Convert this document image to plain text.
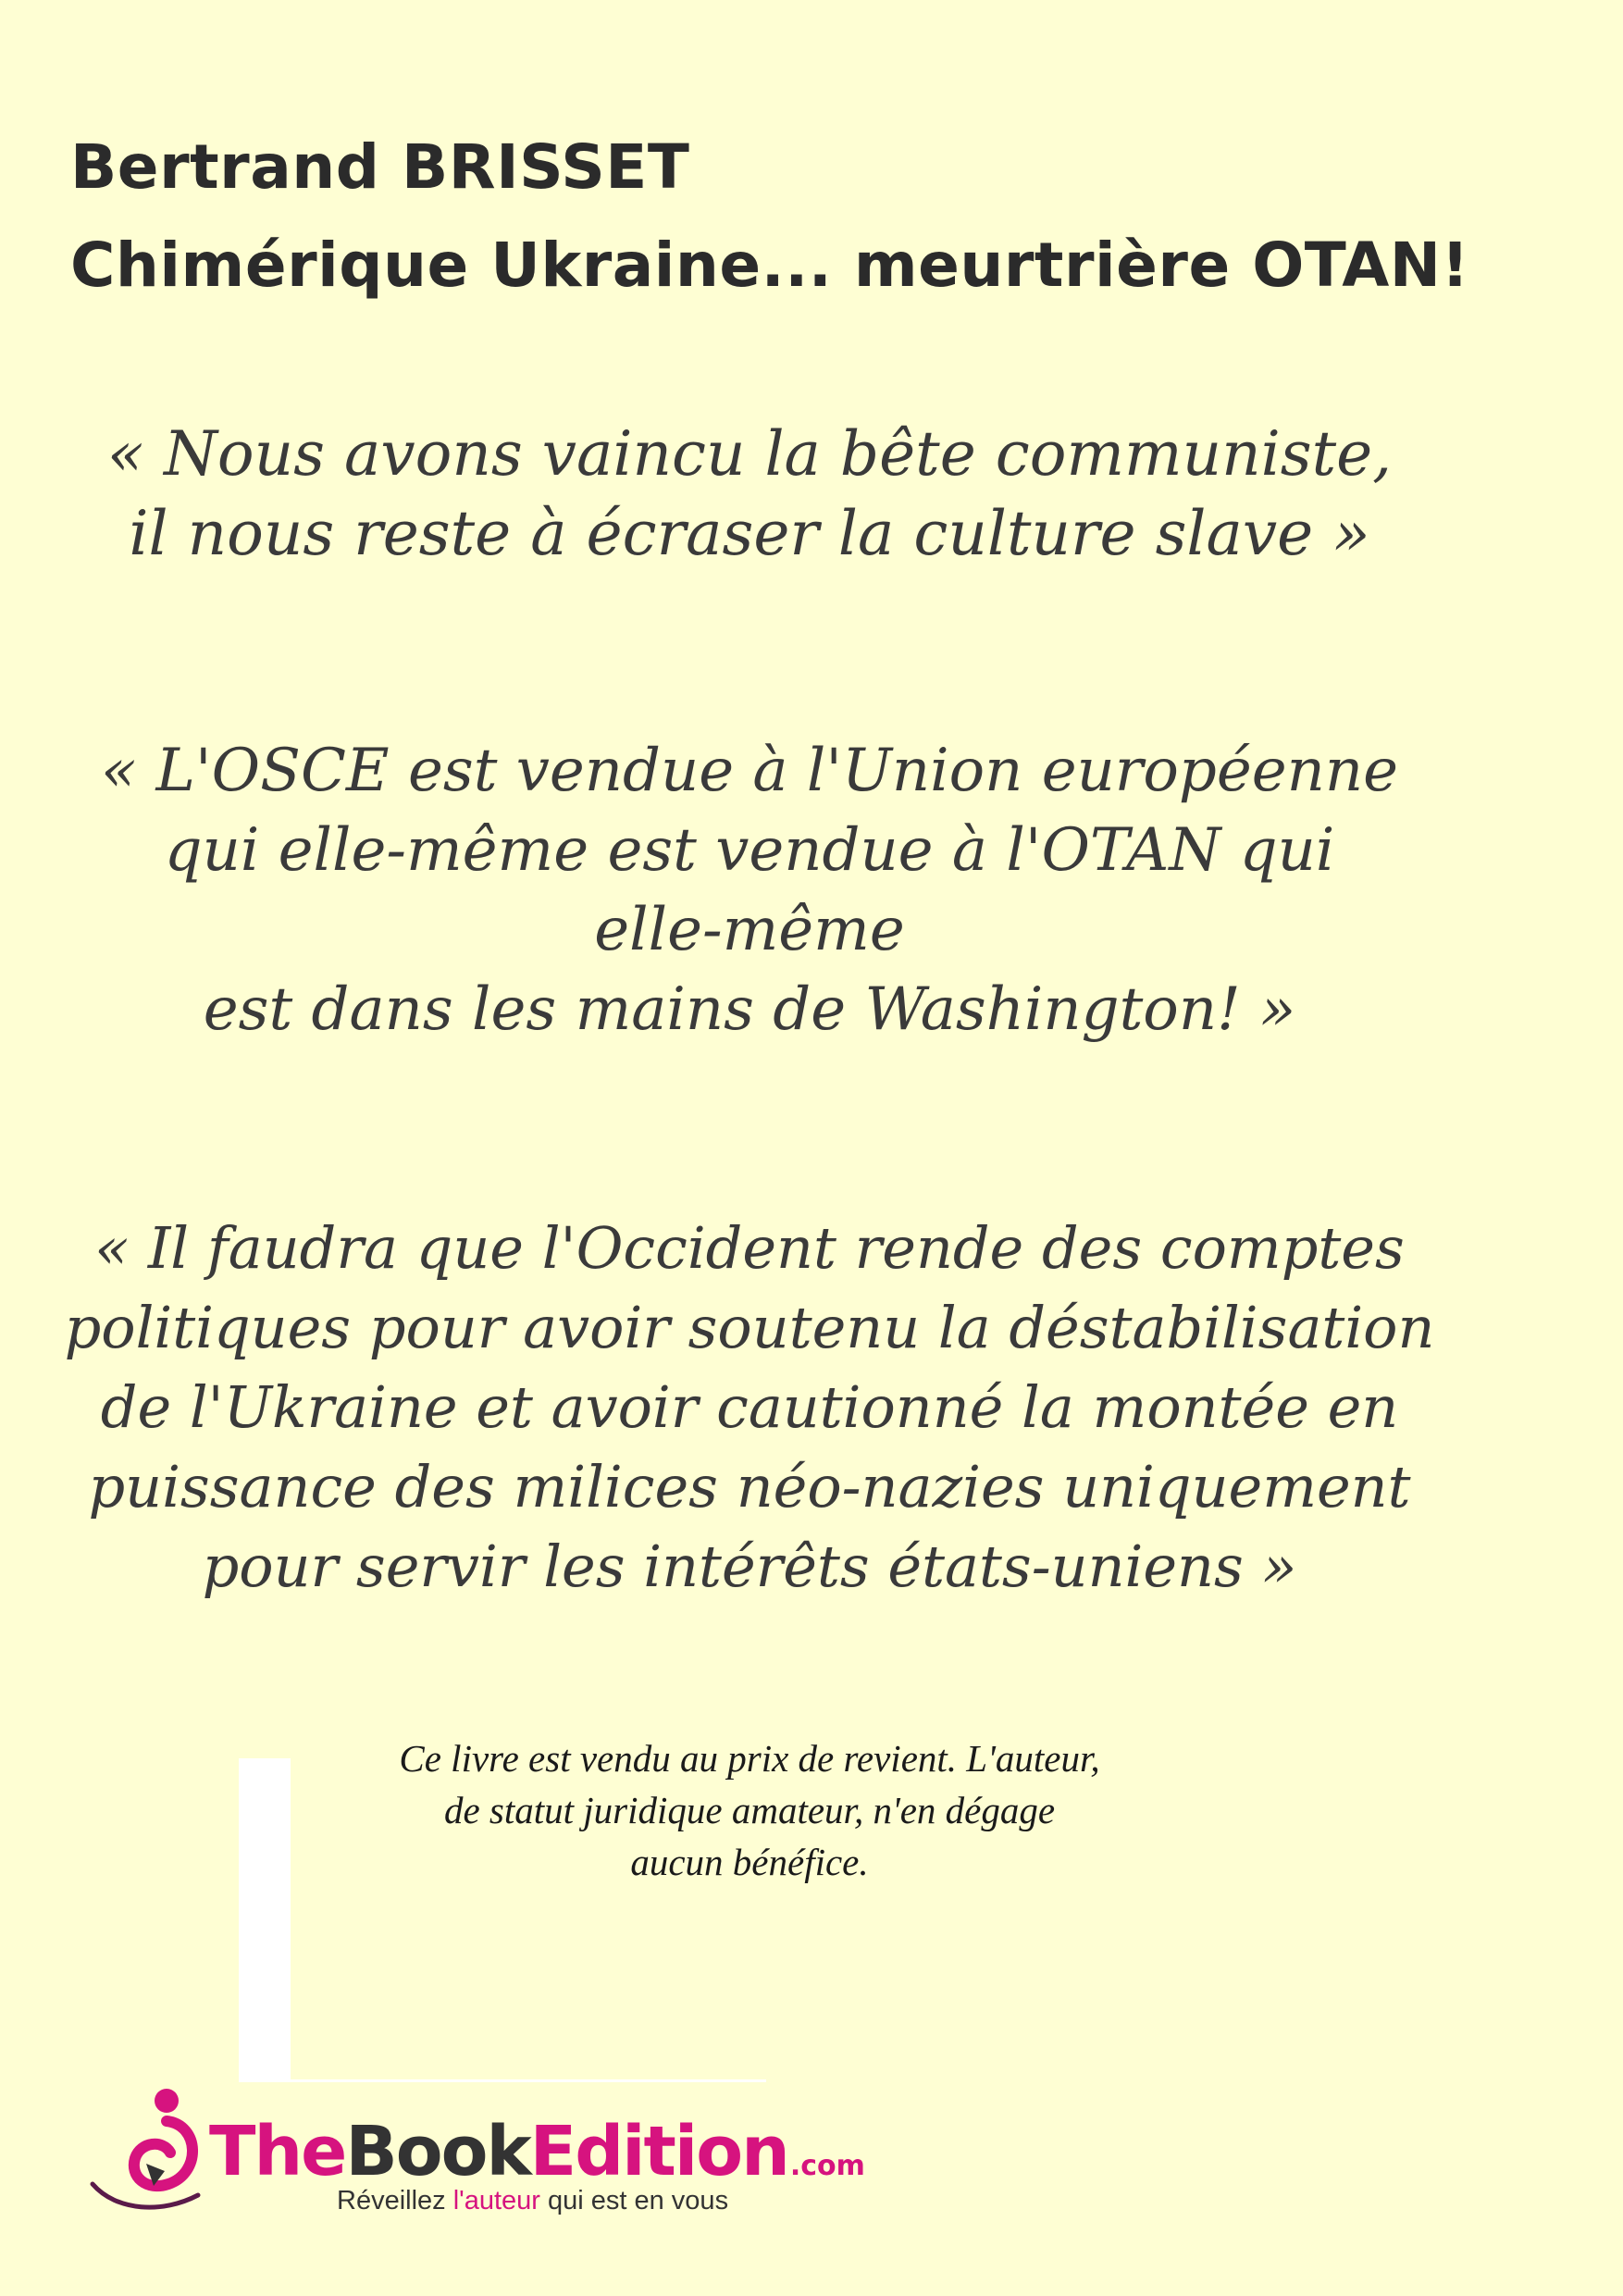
Bertrand BRISSET
Chimérique Ukraine... meurtrière OTAN!
« Nous avons vaincu la bête communiste,
il nous reste à écraser la culture slave »
« L'OSCE est vendue à l'Union européenne
qui elle-même est vendue à l'OTAN qui
elle-même
est dans les mains de Washington! »
« Il faudra que l'Occident rende des comptes
politiques pour avoir soutenu la déstabilisation
de l'Ukraine et avoir cautionné la montée en
puissance des milices néo-nazies uniquement
pour servir les intérêts états-uniens »
Ce livre est vendu au prix de revient. L'auteur,
de statut juridique amateur, n'en dégage
aucun bénéfice.
TheBookEdition.com
Réveillez l'auteur qui est en vous
